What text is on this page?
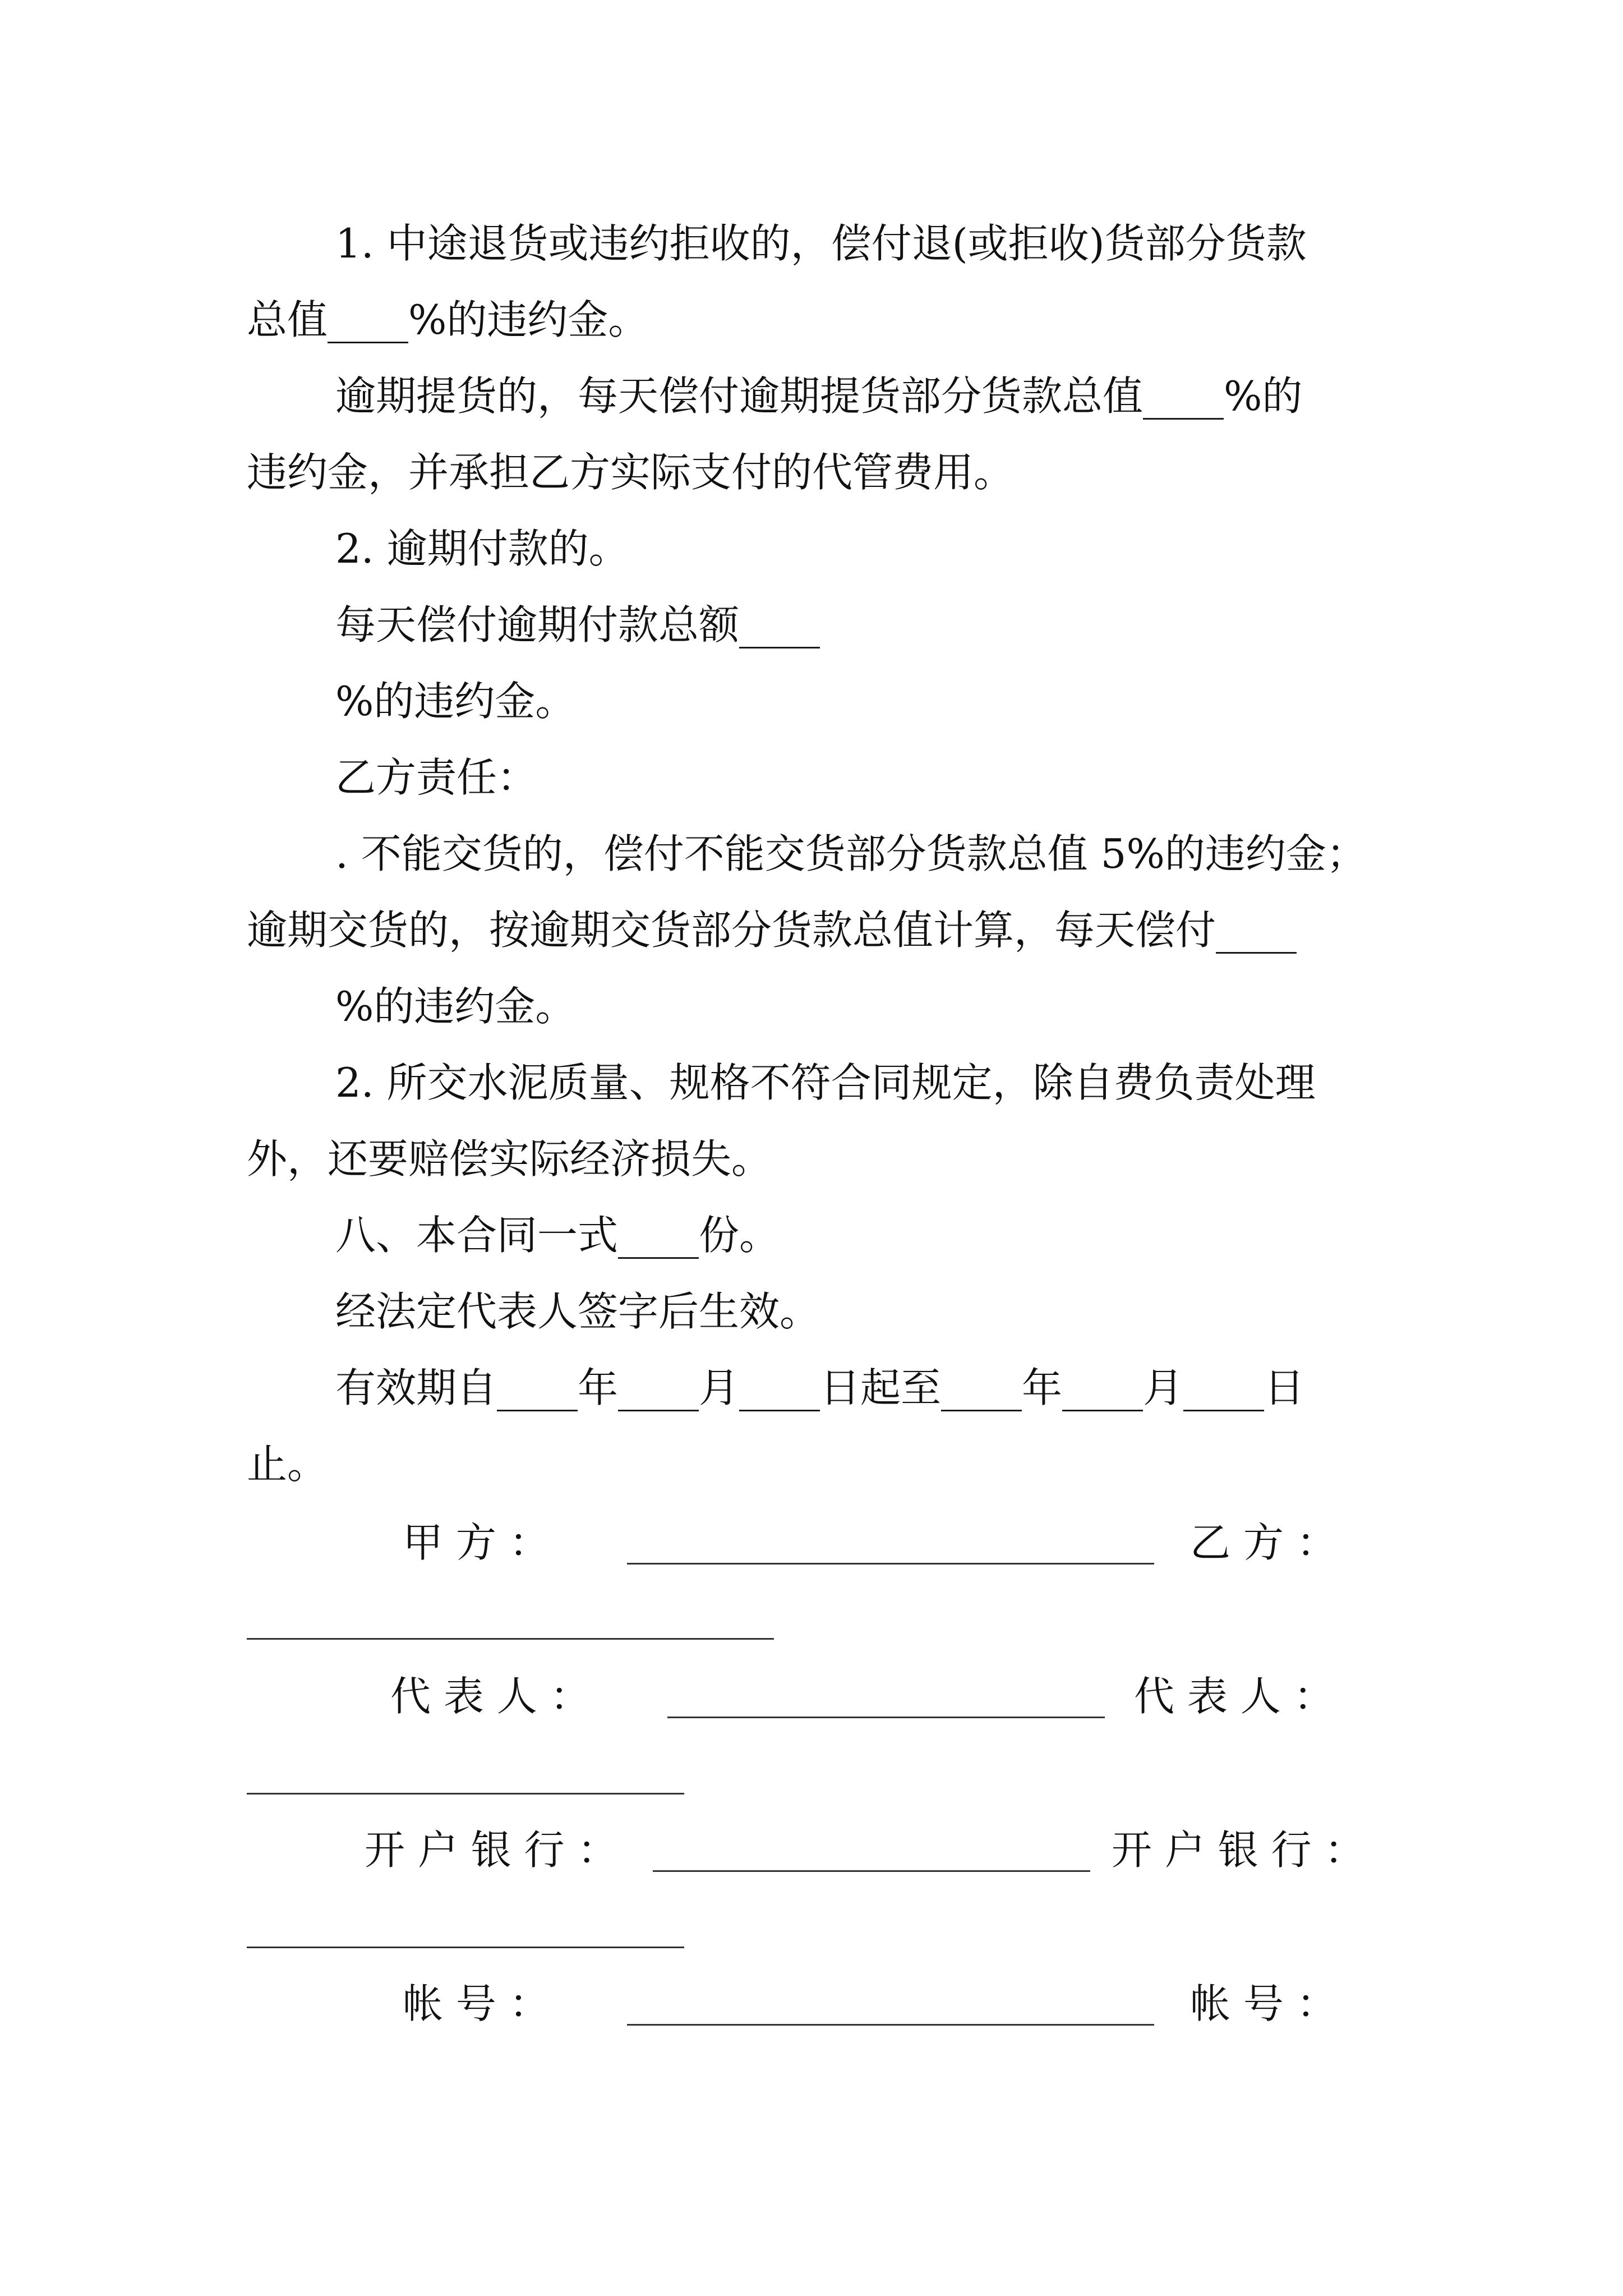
1. 中途退货或违约拒收的，偿付退(或拒收)货部分货款

总值____%的违约金。

逾期提货的，每天偿付逾期提货部分货款总值____%的

违约金，并承担乙方实际支付的代管费用。

2. 逾期付款的。

每天偿付逾期付款总额____

%的违约金。

乙方责任：

. 不能交货的，偿付不能交货部分货款总值 5%的违约金；

逾期交货的，按逾期交货部分货款总值计算，每天偿付____

%的违约金。

2. 所交水泥质量、规格不符合同规定，除自费负责处理

外，还要赔偿实际经济损失。

八、本合同一式____份。

经法定代表人签字后生效。

有效期自____年____月____日起至____年____月____日

止。

甲 方 ：	乙 方 ：
代 表 人 ：	代 表 人 ：
开 户 银 行 ：	开 户 银 行 ：
帐 号 ：	帐 号 ：
